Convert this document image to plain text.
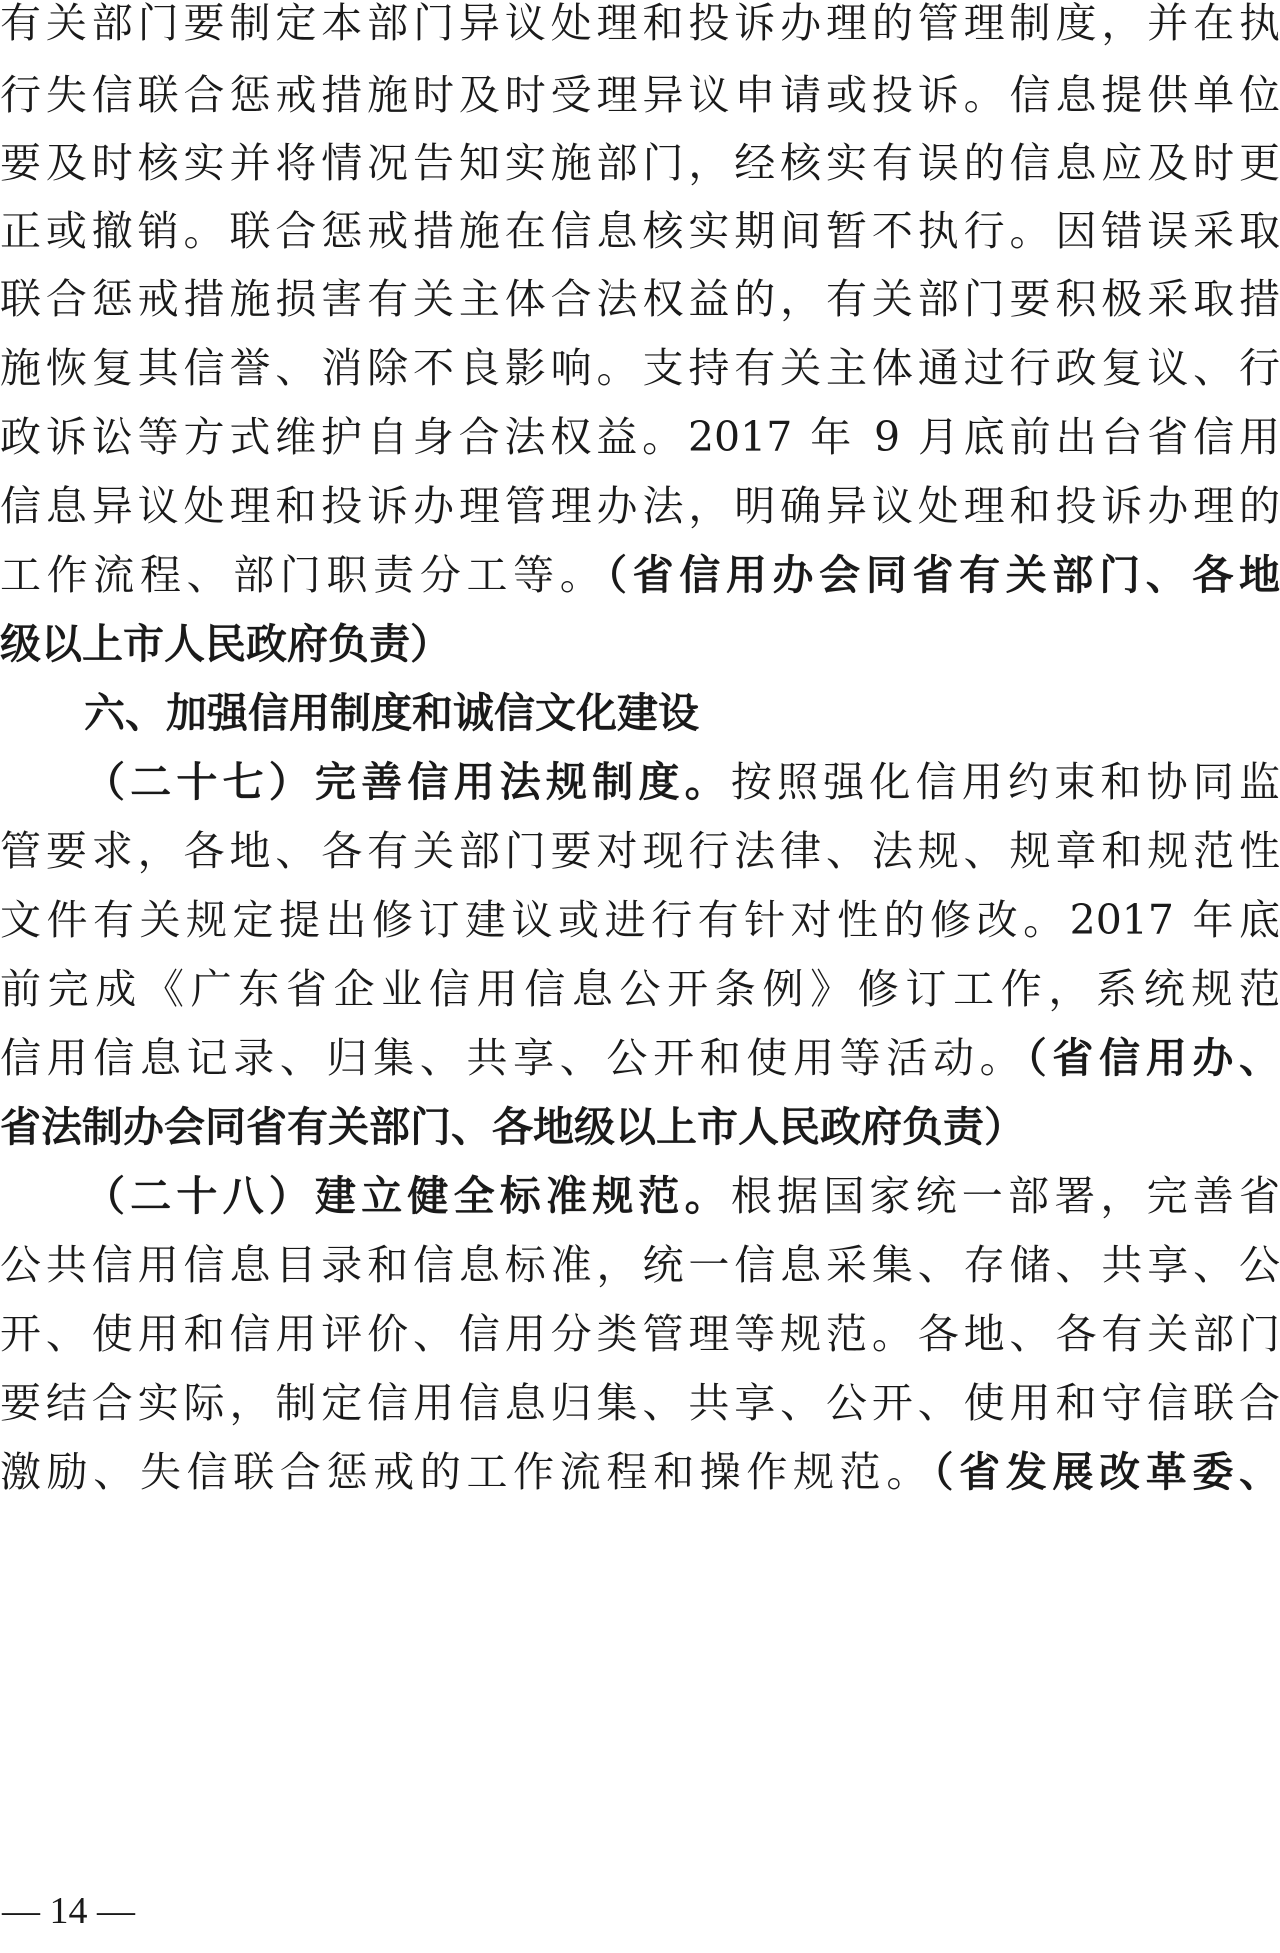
有关部门要制定本部门异议处理和投诉办理的管理制度，并在执
行失信联合惩戒措施时及时受理异议申请或投诉。信息提供单位
要及时核实并将情况告知实施部门，经核实有误的信息应及时更
正或撤销。联合惩戒措施在信息核实期间暂不执行。因错误采取
联合惩戒措施损害有关主体合法权益的，有关部门要积极采取措
施恢复其信誉、消除不良影响。支持有关主体通过行政复议、行
政诉讼等方式维护自身合法权益。2017 年 9 月底前出台省信用
信息异议处理和投诉办理管理办法，明确异议处理和投诉办理的
工作流程、部门职责分工等。（省信用办会同省有关部门、各地
级以上市人民政府负责）
六、加强信用制度和诚信文化建设
（二十七）完善信用法规制度。按照强化信用约束和协同监
管要求，各地、各有关部门要对现行法律、法规、规章和规范性
文件有关规定提出修订建议或进行有针对性的修改。2017 年底
前完成《广东省企业信用信息公开条例》修订工作，系统规范
信用信息记录、归集、共享、公开和使用等活动。（省信用办、
省法制办会同省有关部门、各地级以上市人民政府负责）
（二十八）建立健全标准规范。根据国家统一部署，完善省
公共信用信息目录和信息标准，统一信息采集、存储、共享、公
开、使用和信用评价、信用分类管理等规范。各地、各有关部门
要结合实际，制定信用信息归集、共享、公开、使用和守信联合
激励、失信联合惩戒的工作流程和操作规范。（省发展改革委、
— 14 —
